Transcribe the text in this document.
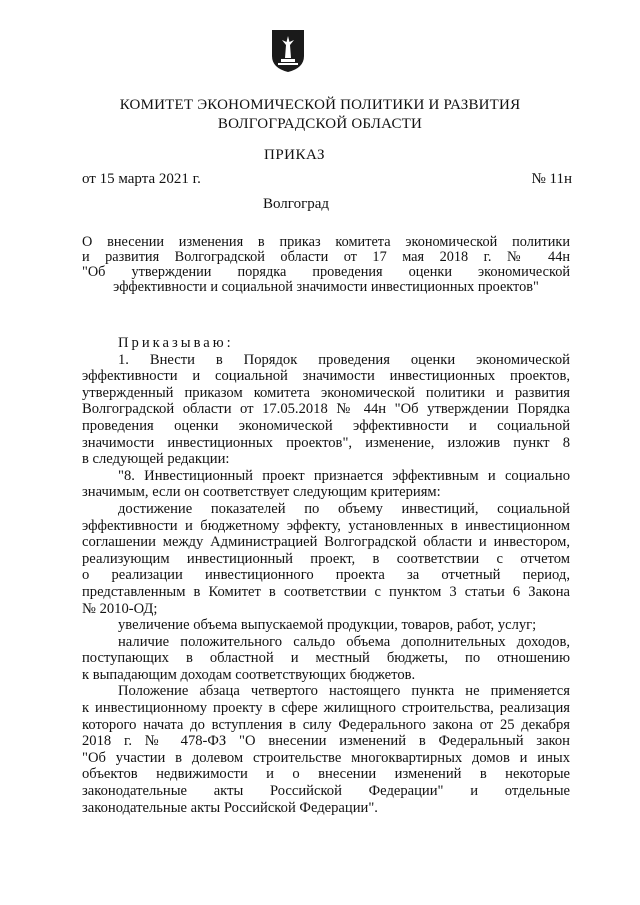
КОМИТЕТ ЭКОНОМИЧЕСКОЙ ПОЛИТИКИ И РАЗВИТИЯ
ВОЛГОГРАДСКОЙ ОБЛАСТИ
ПРИКАЗ
от 15 марта 2021 г.	№ 11н
Волгоград
О внесении изменения в приказ комитета экономической политики
и развития Волгоградской области от 17 мая 2018 г. № 44н
"Об утверждении порядка проведения оценки экономической
эффективности и социальной значимости инвестиционных проектов"
Приказываю:
1. Внести в Порядок проведения оценки экономической
эффективности и социальной значимости инвестиционных проектов,
утвержденный приказом комитета экономической политики и развития
Волгоградской области от 17.05.2018 № 44н "Об утверждении Порядка
проведения оценки экономической эффективности и социальной
значимости инвестиционных проектов", изменение, изложив пункт 8
в следующей редакции:
"8. Инвестиционный проект признается эффективным и социально
значимым, если он соответствует следующим критериям:
достижение показателей по объему инвестиций, социальной
эффективности и бюджетному эффекту, установленных в инвестиционном
соглашении между Администрацией Волгоградской области и инвестором,
реализующим инвестиционный проект, в соответствии с отчетом
о реализации инвестиционного проекта за отчетный период,
представленным в Комитет в соответствии с пунктом 3 статьи 6 Закона
№ 2010-ОД;
увеличение объема выпускаемой продукции, товаров, работ, услуг;
наличие положительного сальдо объема дополнительных доходов,
поступающих в областной и местный бюджеты, по отношению
к выпадающим доходам соответствующих бюджетов.
Положение абзаца четвертого настоящего пункта не применяется
к инвестиционному проекту в сфере жилищного строительства, реализация
которого начата до вступления в силу Федерального закона от 25 декабря
2018 г. № 478-ФЗ "О внесении изменений в Федеральный закон
"Об участии в долевом строительстве многоквартирных домов и иных
объектов недвижимости и о внесении изменений в некоторые
законодательные акты Российской Федерации" и отдельные
законодательные акты Российской Федерации".
